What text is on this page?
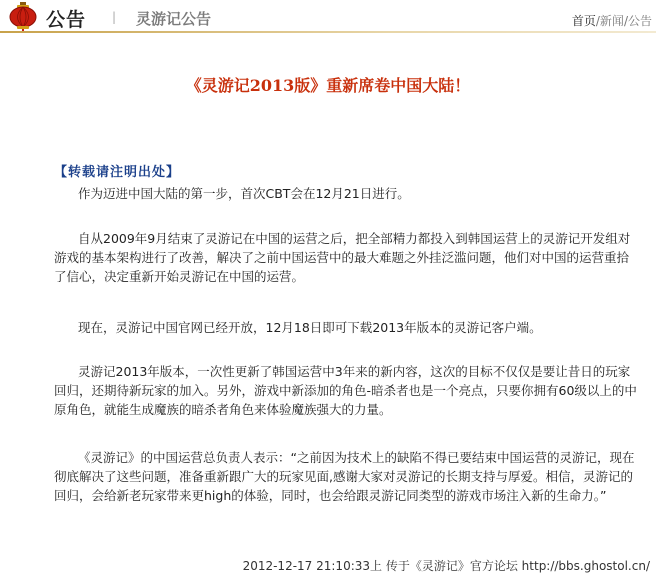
公告 | 灵游记公告	首页/新闻/公告
《灵游记2013版》重新席卷中国大陆！
【转载请注明出处】
作为迈进中国大陆的第一步，首次CBT会在12月21日进行。
自从2009年9月结束了灵游记在中国的运营之后，把全部精力都投入到韩国运营上的灵游记开发组对游戏的基本架构进行了改善，解决了之前中国运营中的最大难题之外挂泛滥问题，他们对中国的运营重拾了信心，决定重新开始灵游记在中国的运营。
现在，灵游记中国官网已经开放，12月18日即可下载2013年版本的灵游记客户端。
灵游记2013年版本，一次性更新了韩国运营中3年来的新内容，这次的目标不仅仅是要让昔日的玩家回归，还期待新玩家的加入。另外，游戏中新添加的角色-暗杀者也是一个亮点，只要你拥有60级以上的中原角色，就能生成魔族的暗杀者角色来体验魔族强大的力量。
《灵游记》的中国运营总负责人表示：“之前因为技术上的缺陷不得已要结束中国运营的灵游记，现在彻底解决了这些问题，准备重新跟广大的玩家见面,感谢大家对灵游记的长期支持与厚爱。相信，灵游记的回归，会给新老玩家带来更high的体验，同时，也会给跟灵游记同类型的游戏市场注入新的生命力。”
2012-12-17 21:10:33上 传于《灵游记》官方论坛 http://bbs.ghostol.cn/
